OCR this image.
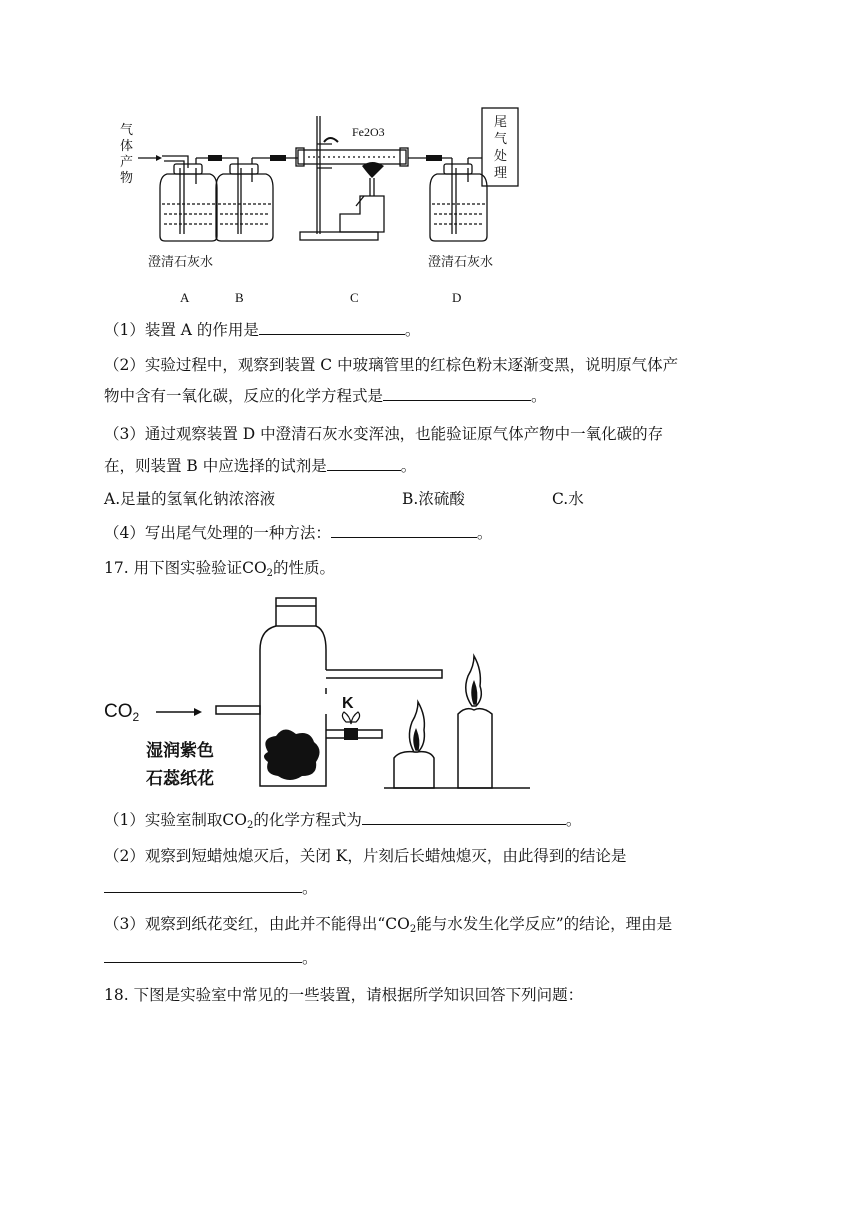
气
体
产
物
Fe2O3
尾
气
处
理
澄清石灰水	澄清石灰水
A	B	C	D
（1）装置 A 的作用是	。
（2）实验过程中，观察到装置 C 中玻璃管里的红棕色粉末逐渐变黑，说明原气体产
物中含有一氧化碳，反应的化学方程式是	。
（3）通过观察装置 D 中澄清石灰水变浑浊，也能验证原气体产物中一氧化碳的存
在，则装置 B 中应选择的试剂是	。
A.足量的氢氧化钠浓溶液	B.浓硫酸	C.水
（4）写出尾气处理的一种方法：	。
17. 用下图实验验证$CO_2$的性质。
$CO_2$
K
湿润紫色
石蕊纸花
（1）实验室制取$CO_2$的化学方程式为	。
（2）观察到短蜡烛熄灭后，关闭 K，片刻后长蜡烛熄灭，由此得到的结论是
。
（3）观察到纸花变红，由此并不能得出“$CO_2$能与水发生化学反应”的结论，理由是
。
18. 下图是实验室中常见的一些装置，请根据所学知识回答下列问题：
